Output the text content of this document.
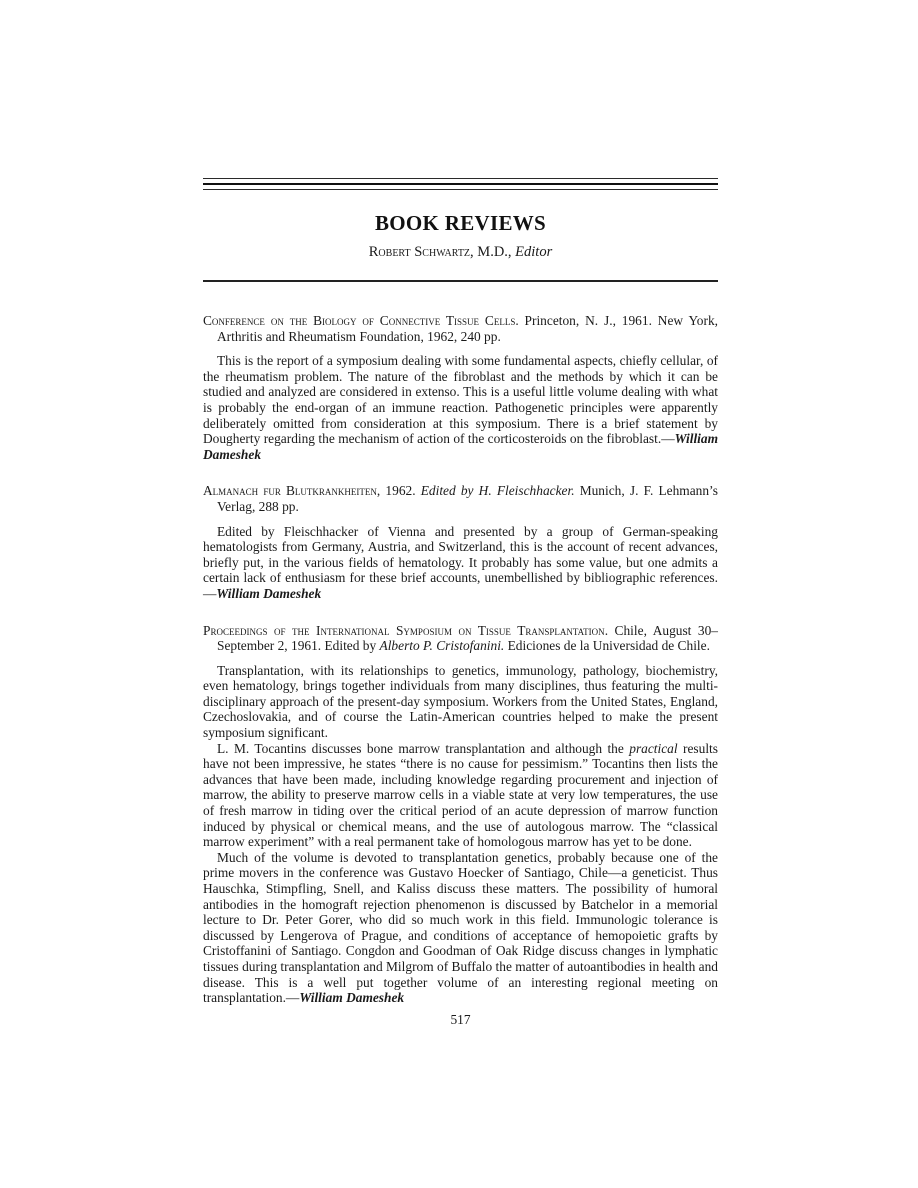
BOOK REVIEWS
Robert Schwartz, M.D., Editor

Conference on the Biology of Connective Tissue Cells. Princeton, N. J., 1961. New York, Arthritis and Rheumatism Foundation, 1962, 240 pp.

This is the report of a symposium dealing with some fundamental aspects, chiefly cellular, of the rheumatism problem. The nature of the fibroblast and the methods by which it can be studied and analyzed are considered in extenso. This is a useful little volume dealing with what is probably the end-organ of an immune reaction. Pathogenetic principles were apparently deliberately omitted from consideration at this symposium. There is a brief statement by Dougherty regarding the mechanism of action of the corticosteroids on the fibroblast.—William Dameshek

Almanach fur Blutkrankheiten, 1962. Edited by H. Fleischhacker. Munich, J. F. Lehmann’s Verlag, 288 pp.

Edited by Fleischhacker of Vienna and presented by a group of German-speaking hematologists from Germany, Austria, and Switzerland, this is the account of recent advances, briefly put, in the various fields of hematology. It probably has some value, but one admits a certain lack of enthusiasm for these brief accounts, unembellished by bibliographic references.—William Dameshek

Proceedings of the International Symposium on Tissue Transplantation. Chile, August 30–September 2, 1961. Edited by Alberto P. Cristofanini. Ediciones de la Universidad de Chile.

Transplantation, with its relationships to genetics, immunology, pathology, biochemistry, even hematology, brings together individuals from many disciplines, thus featuring the multi-disciplinary approach of the present-day symposium. Workers from the United States, England, Czechoslovakia, and of course the Latin-American countries helped to make the present symposium significant.

L. M. Tocantins discusses bone marrow transplantation and although the practical results have not been impressive, he states “there is no cause for pessimism.” Tocantins then lists the advances that have been made, including knowledge regarding procurement and injection of marrow, the ability to preserve marrow cells in a viable state at very low temperatures, the use of fresh marrow in tiding over the critical period of an acute depression of marrow function induced by physical or chemical means, and the use of autologous marrow. The “classical marrow experiment” with a real permanent take of homologous marrow has yet to be done.

Much of the volume is devoted to transplantation genetics, probably because one of the prime movers in the conference was Gustavo Hoecker of Santiago, Chile—a geneticist. Thus Hauschka, Stimpfling, Snell, and Kaliss discuss these matters. The possibility of humoral antibodies in the homograft rejection phenomenon is discussed by Batchelor in a memorial lecture to Dr. Peter Gorer, who did so much work in this field. Immunologic tolerance is discussed by Lengerova of Prague, and conditions of acceptance of hemopoietic grafts by Cristoffanini of Santiago. Congdon and Goodman of Oak Ridge discuss changes in lymphatic tissues during transplantation and Milgrom of Buffalo the matter of autoantibodies in health and disease. This is a well put together volume of an interesting regional meeting on transplantation.—William Dameshek

517
